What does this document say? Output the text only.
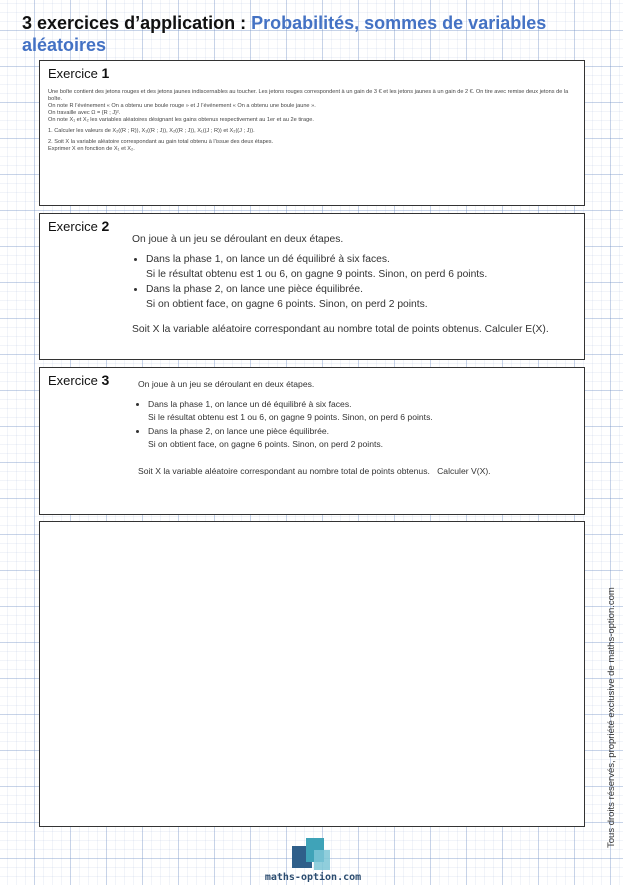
3 exercices d’application : Probabilités, sommes de variables aléatoires
Exercice 1

Une boîte contient des jetons rouges et des jetons jaunes indiscernables au toucher. Les jetons rouges correspondent à un gain de 3 € et les jetons jaunes à un gain de 2 €. On tire avec remise deux jetons de la boîte.
On note R l’événement « On a obtenu une boule rouge » et J l’événement « On a obtenu une boule jaune ».
On travaille avec Ω = {R ; J}².
On note X₁ et X₂ les variables aléatoires désignant les gains obtenus respectivement au 1er et au 2e tirage.

1. Calculer les valeurs de X₂((R ; R)), X₁((R ; J)), X₂((R ; J)), X₁((J ; R)) et X₂((J ; J)).

2. Soit X la variable aléatoire correspondant au gain total obtenu à l’issue des deux étapes.
Exprimer X en fonction de X₁ et X₂.

Exercice 2

On joue à un jeu se déroulant en deux étapes.

• Dans la phase 1, on lance un dé équilibré à six faces.
Si le résultat obtenu est 1 ou 6, on gagne 9 points. Sinon, on perd 6 points.
• Dans la phase 2, on lance une pièce équilibrée.
Si on obtient face, on gagne 6 points. Sinon, on perd 2 points.

Soit X la variable aléatoire correspondant au nombre total de points obtenus. Calculer E(X).

Exercice 3	On joue à un jeu se déroulant en deux étapes.

• Dans la phase 1, on lance un dé équilibré à six faces.
Si le résultat obtenu est 1 ou 6, on gagne 9 points. Sinon, on perd 6 points.
• Dans la phase 2, on lance une pièce équilibrée.
Si on obtient face, on gagne 6 points. Sinon, on perd 2 points.

Soit X la variable aléatoire correspondant au nombre total de points obtenus. Calculer V(X).

Tous droits réservés, propriété exclusive de maths-option.com
maths-option.com
